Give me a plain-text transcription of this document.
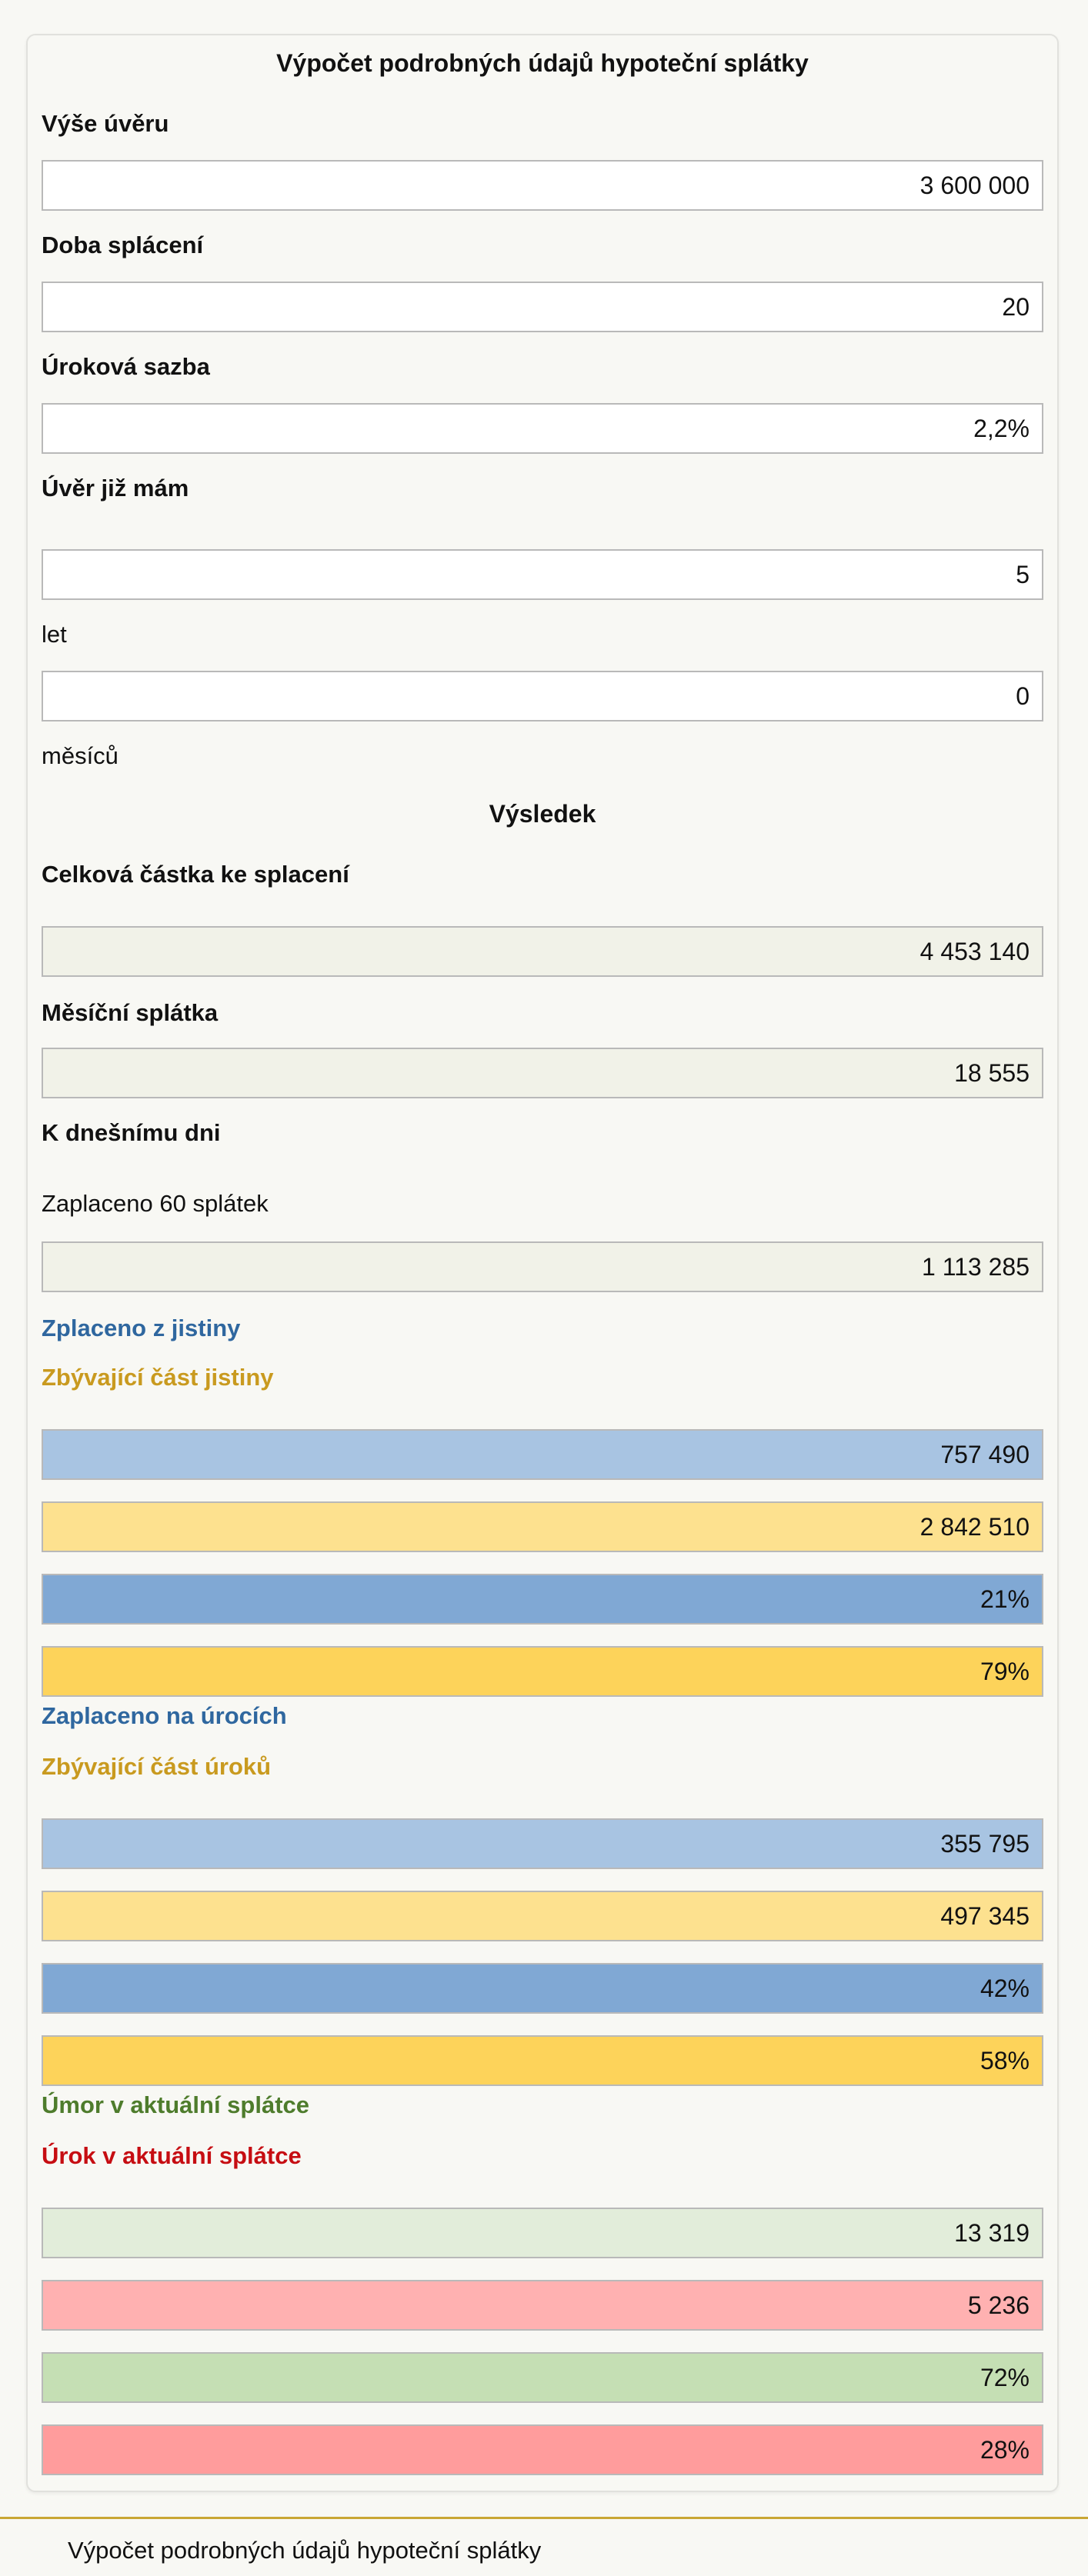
Výpočet podrobných údajů hypoteční splátky
Výše úvěru
3 600 000
Doba splácení
20
Úroková sazba
2,2%
Úvěr již mám
5
let
0
měsíců
Výsledek
Celková částka ke splacení
4 453 140
Měsíční splátka
18 555
K dnešnímu dni
Zaplaceno 60 splátek
1 113 285
Zplaceno z jistiny
Zbývající část jistiny
757 490
2 842 510
21%
79%
Zaplaceno na úrocích
Zbývající část úroků
355 795
497 345
42%
58%
Úmor v aktuální splátce
Úrok v aktuální splátce
13 319
5 236
72%
28%
Výpočet podrobných údajů hypoteční splátky
